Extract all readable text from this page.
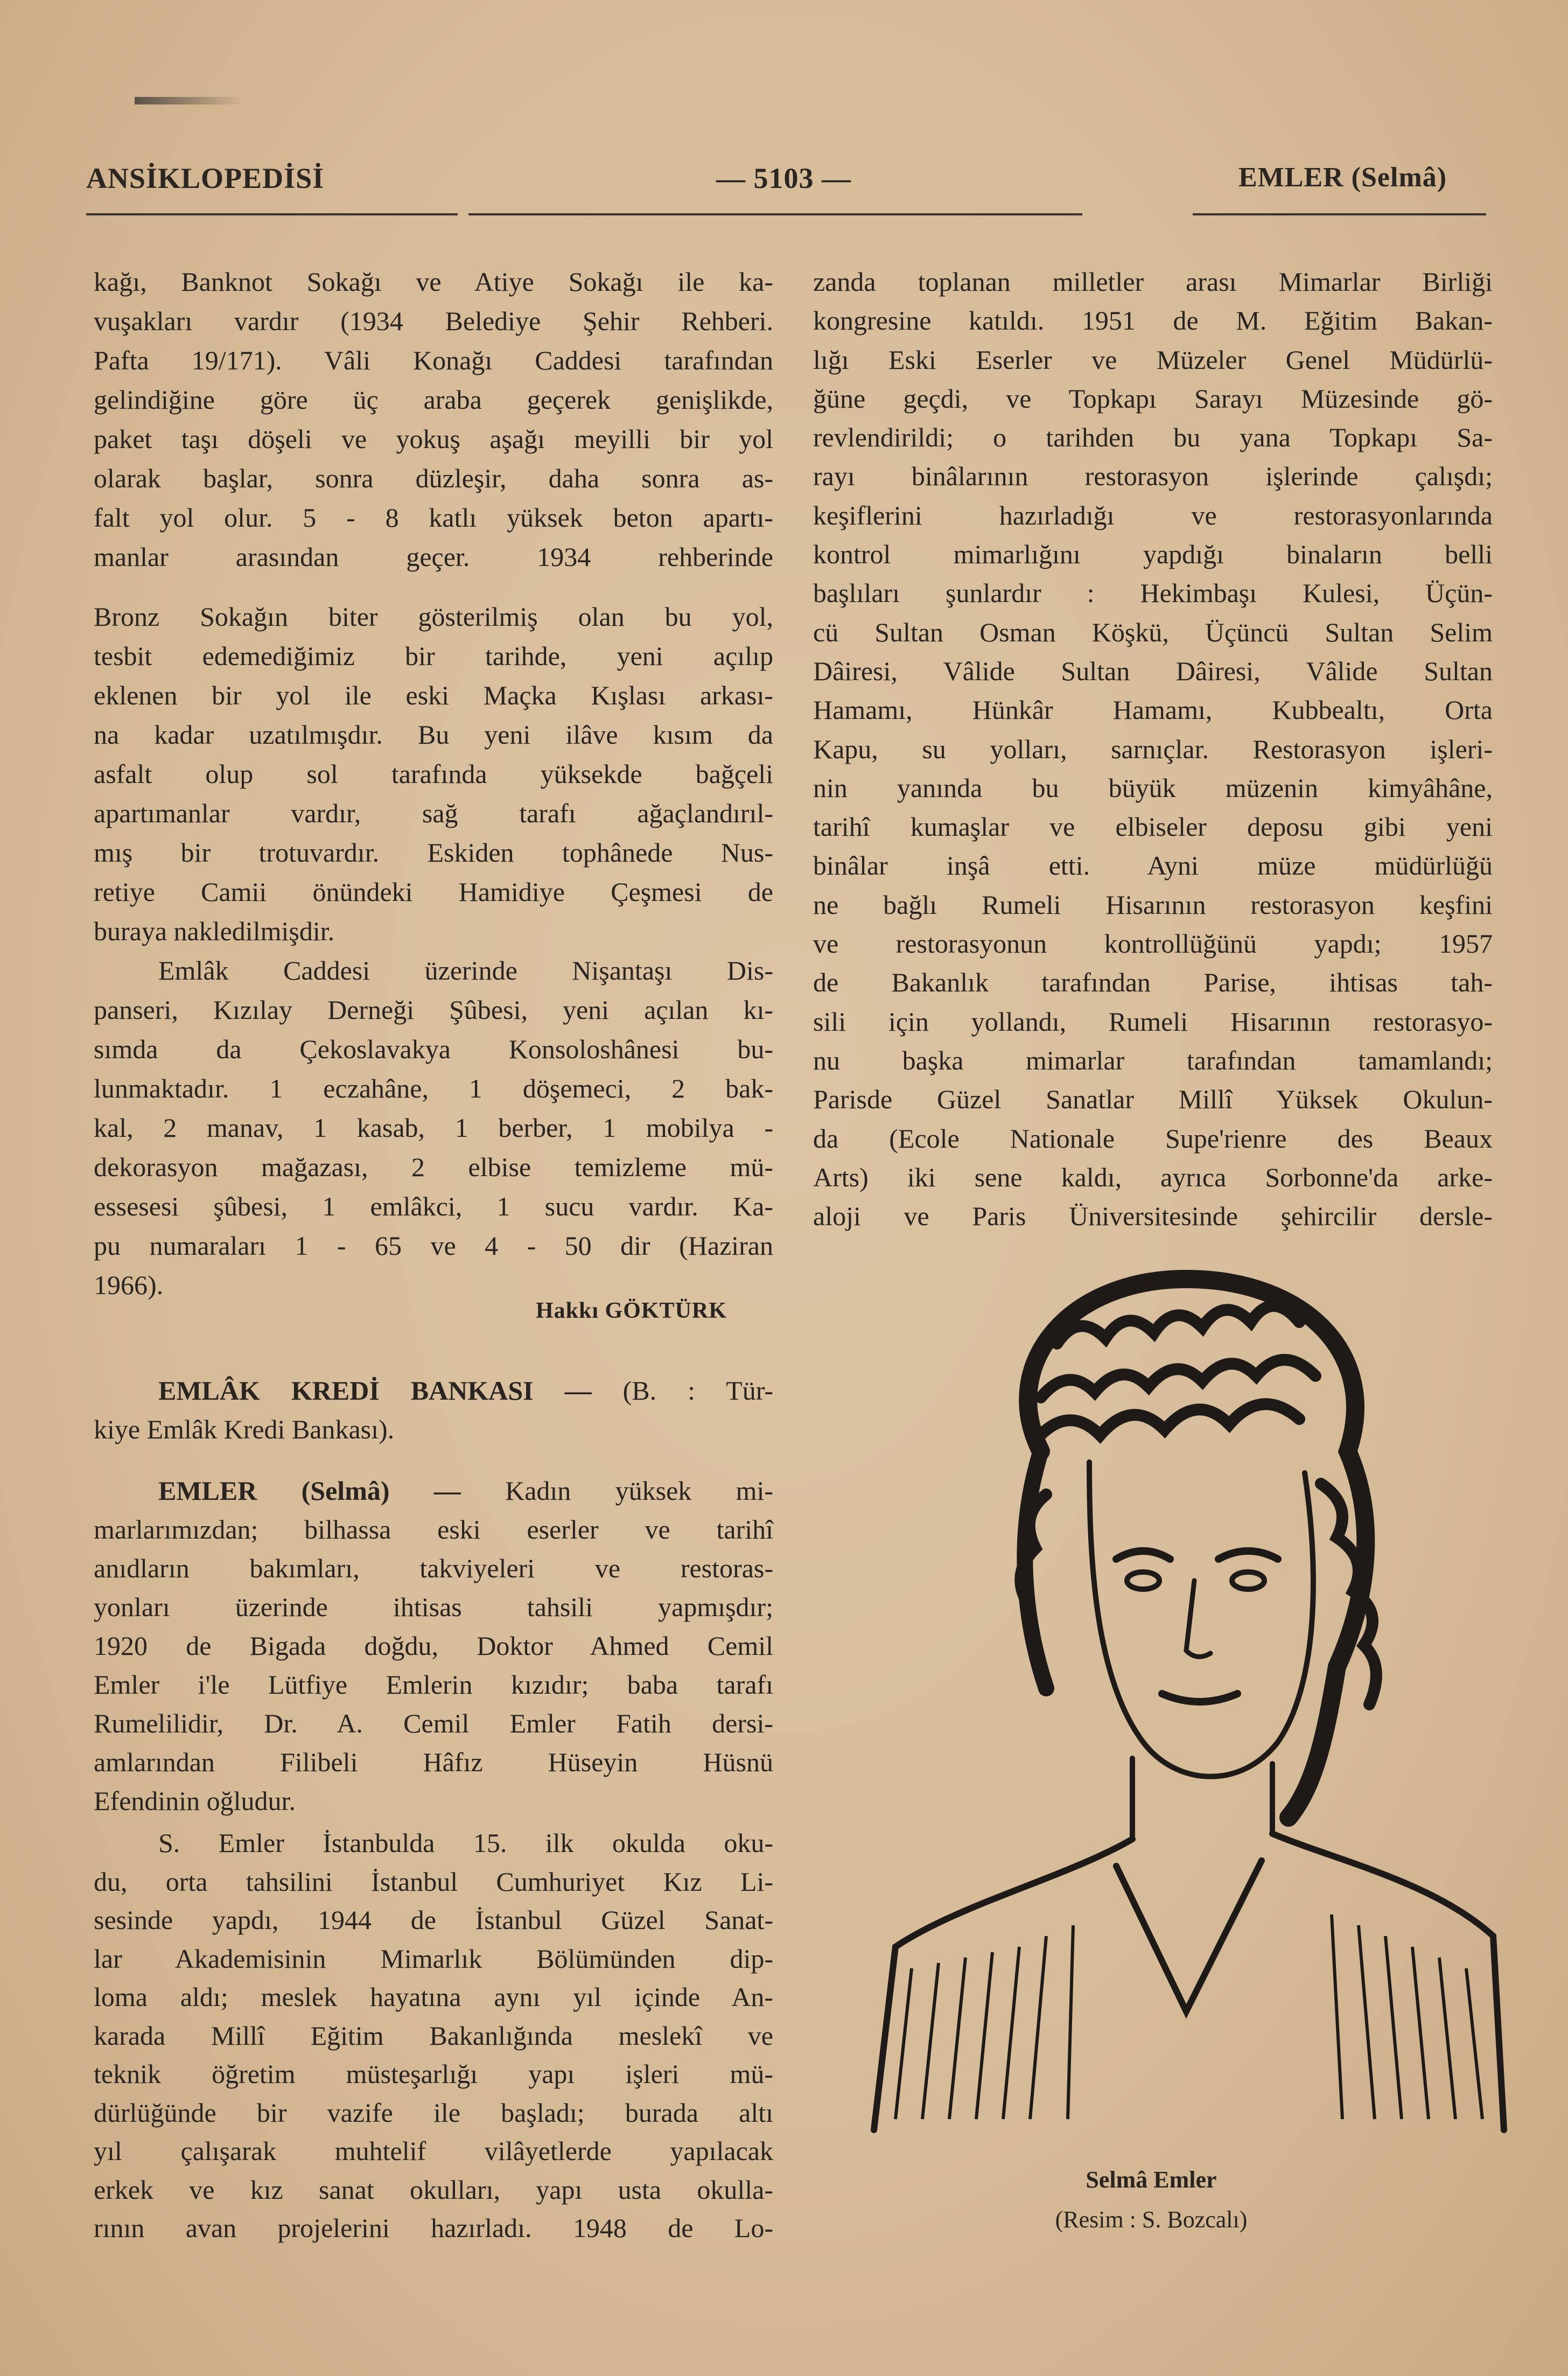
ANSİKLOPEDİSİ	— 5103 —	EMLER (Selmâ)
kağı, Banknot Sokağı ve Atiye Sokağı ile ka-
vuşakları vardır (1934 Belediye Şehir Rehberi.
Pafta 19/171). Vâli Konağı Caddesi tarafından
gelindiğine göre üç araba geçerek genişlikde,
paket taşı döşeli ve yokuş aşağı meyilli bir yol
olarak başlar, sonra düzleşir, daha sonra as-
falt yol olur. 5 - 8 katlı yüksek beton apartı-
manlar arasından geçer. 1934 rehberinde
Bronz Sokağın biter gösterilmiş olan bu yol,
tesbit edemediğimiz bir tarihde, yeni açılıp
eklenen bir yol ile eski Maçka Kışlası arkası-
na kadar uzatılmışdır. Bu yeni ilâve kısım da
asfalt olup sol tarafında yüksekde bağçeli
apartımanlar vardır, sağ tarafı ağaçlandırıl-
mış bir trotuvardır. Eskiden tophânede Nus-
retiye Camii önündeki Hamidiye Çeşmesi de
buraya nakledilmişdir.
Emlâk Caddesi üzerinde Nişantaşı Dis-
panseri, Kızılay Derneği Şûbesi, yeni açılan kı-
sımda da Çekoslavakya Konsoloshânesi bu-
lunmaktadır. 1 eczahâne, 1 döşemeci, 2 bak-
kal, 2 manav, 1 kasab, 1 berber, 1 mobilya -
dekorasyon mağazası, 2 elbise temizleme mü-
essesesi şûbesi, 1 emlâkci, 1 sucu vardır. Ka-
pu numaraları 1 - 65 ve 4 - 50 dir (Haziran
1966).
Hakkı GÖKTÜRK
EMLÂK KREDİ BANKASI — (B. : Tür-
kiye Emlâk Kredi Bankası).
EMLER (Selmâ) — Kadın yüksek mi-
marlarımızdan; bilhassa eski eserler ve tarihî
anıdların bakımları, takviyeleri ve restoras-
yonları üzerinde ihtisas tahsili yapmışdır;
1920 de Bigada doğdu, Doktor Ahmed Cemil
Emler i'le Lütfiye Emlerin kızıdır; baba tarafı
Rumelilidir, Dr. A. Cemil Emler Fatih dersi-
amlarından Filibeli Hâfız Hüseyin Hüsnü
Efendinin oğludur.
S. Emler İstanbulda 15. ilk okulda oku-
du, orta tahsilini İstanbul Cumhuriyet Kız Li-
sesinde yapdı, 1944 de İstanbul Güzel Sanat-
lar Akademisinin Mimarlık Bölümünden dip-
loma aldı; meslek hayatına aynı yıl içinde An-
karada Millî Eğitim Bakanlığında meslekî ve
teknik öğretim müsteşarlığı yapı işleri mü-
dürlüğünde bir vazife ile başladı; burada altı
yıl çalışarak muhtelif vilâyetlerde yapılacak
erkek ve kız sanat okulları, yapı usta okulla-
rının avan projelerini hazırladı. 1948 de Lo-
zanda toplanan milletler arası Mimarlar Birliği
kongresine katıldı. 1951 de M. Eğitim Bakan-
lığı Eski Eserler ve Müzeler Genel Müdürlü-
ğüne geçdi, ve Topkapı Sarayı Müzesinde gö-
revlendirildi; o tarihden bu yana Topkapı Sa-
rayı binâlarının restorasyon işlerinde çalışdı;
keşiflerini hazırladığı ve restorasyonlarında
kontrol mimarlığını yapdığı binaların belli
başlıları şunlardır : Hekimbaşı Kulesi, Üçün-
cü Sultan Osman Köşkü, Üçüncü Sultan Selim
Dâiresi, Vâlide Sultan Dâiresi, Vâlide Sultan
Hamamı, Hünkâr Hamamı, Kubbealtı, Orta
Kapu, su yolları, sarnıçlar. Restorasyon işleri-
nin yanında bu büyük müzenin kimyâhâne,
tarihî kumaşlar ve elbiseler deposu gibi yeni
binâlar inşâ etti. Ayni müze müdürlüğü
ne bağlı Rumeli Hisarının restorasyon keşfini
ve restorasyonun kontrollüğünü yapdı; 1957
de Bakanlık tarafından Parise, ihtisas tah-
sili için yollandı, Rumeli Hisarının restorasyo-
nu başka mimarlar tarafından tamamlandı;
Parisde Güzel Sanatlar Millî Yüksek Okulun-
da (Ecole Nationale Supe'rienre des Beaux
Arts) iki sene kaldı, ayrıca Sorbonne'da arke-
aloji ve Paris Üniversitesinde şehircilir dersle-
Selmâ Emler
(Resim : S. Bozcalı)
